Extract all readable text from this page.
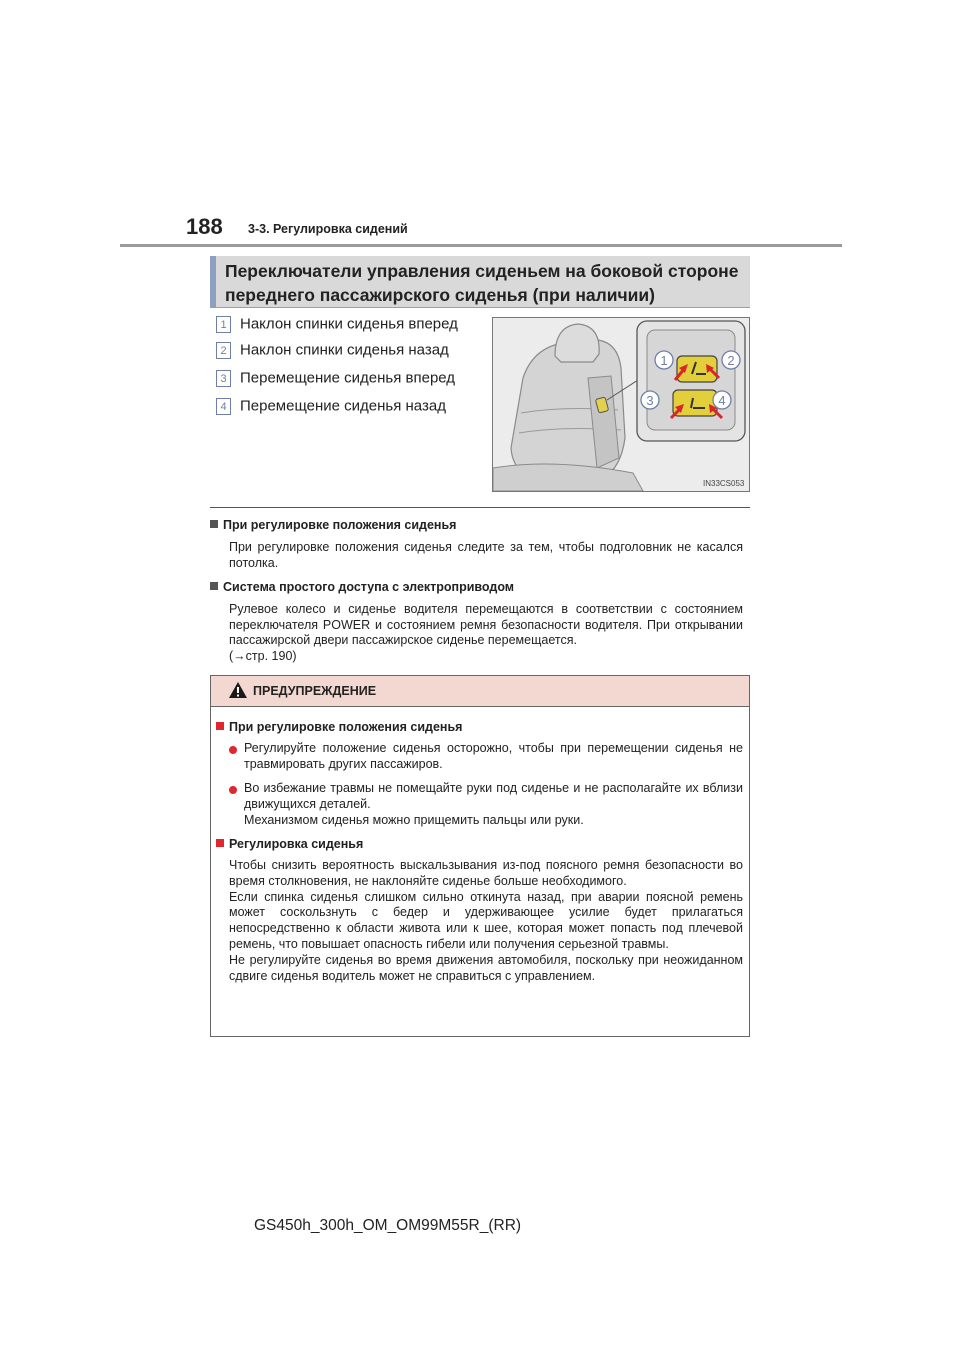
188 3-3. Регулировка сидений
Переключатели управления сиденьем на боковой стороне
переднего пассажирского сиденья (при наличии)
1 Наклон спинки сиденья вперед
2 Наклон спинки сиденья назад
3 Перемещение сиденья вперед
4 Перемещение сиденья назад
1	2
3	4
IN33CS053
При регулировке положения сиденья
При регулировке положения сиденья следите за тем, чтобы подголовник не касался потолка.
Система простого доступа с электроприводом
Рулевое колесо и сиденье водителя перемещаются в соответствии с состоянием переключателя POWER и состоянием ремня безопасности водителя. При открывании пассажирской двери пассажирское сиденье перемещается.
(→стр. 190)
ПРЕДУПРЕЖДЕНИЕ
При регулировке положения сиденья
Регулируйте положение сиденья осторожно, чтобы при перемещении сиденья не травмировать других пассажиров.
Во избежание травмы не помещайте руки под сиденье и не располагайте их вблизи движущихся деталей.
Механизмом сиденья можно прищемить пальцы или руки.
Регулировка сиденья
Чтобы снизить вероятность выскальзывания из-под поясного ремня безопасности во время столкновения, не наклоняйте сиденье больше необходимого.
Если спинка сиденья слишком сильно откинута назад, при аварии поясной ремень может соскользнуть с бедер и удерживающее усилие будет прилагаться непосредственно к области живота или к шее, которая может попасть под плечевой ремень, что повышает опасность гибели или получения серьезной травмы.
Не регулируйте сиденья во время движения автомобиля, поскольку при неожиданном сдвиге сиденья водитель может не справиться с управлением.
GS450h_300h_OM_OM99M55R_(RR)
